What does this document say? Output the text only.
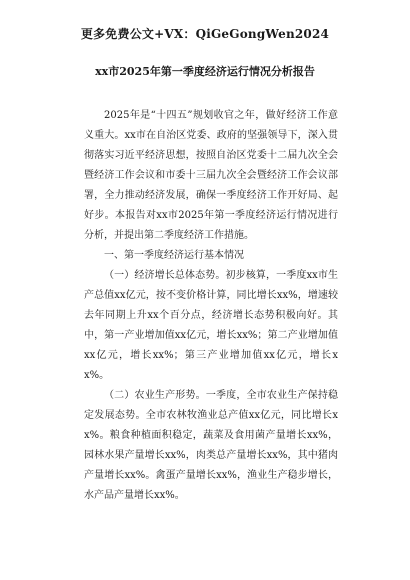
更多免费公文+VX：QiGeGongWen2024
xx市2025年第一季度经济运行情况分析报告

2025年是“十四五”规划收官之年，做好经济工作意义重大。xx市在自治区党委、政府的坚强领导下，深入贯彻落实习近平经济思想，按照自治区党委十二届九次全会暨经济工作会议和市委十三届九次全会暨经济工作会议部署，全力推动经济发展，确保一季度经济工作开好局、起好步。本报告对xx市2025年第一季度经济运行情况进行分析，并提出第二季度经济工作措施。

一、第一季度经济运行基本情况

（一）经济增长总体态势。初步核算，一季度xx市生产总值xx亿元，按不变价格计算，同比增长xx%，增速较去年同期上升xx个百分点，经济增长态势积极向好。其中，第一产业增加值xx亿元，增长xx%；第二产业增加值xx亿元，增长xx%；第三产业增加值xx亿元，增长xx%。

（二）农业生产形势。一季度，全市农业生产保持稳定发展态势。全市农林牧渔业总产值xx亿元，同比增长xx%。粮食种植面积稳定，蔬菜及食用菌产量增长xx%，园林水果产量增长xx%，肉类总产量增长xx%，其中猪肉产量增长xx%。禽蛋产量增长xx%，渔业生产稳步增长，水产品产量增长xx%。
